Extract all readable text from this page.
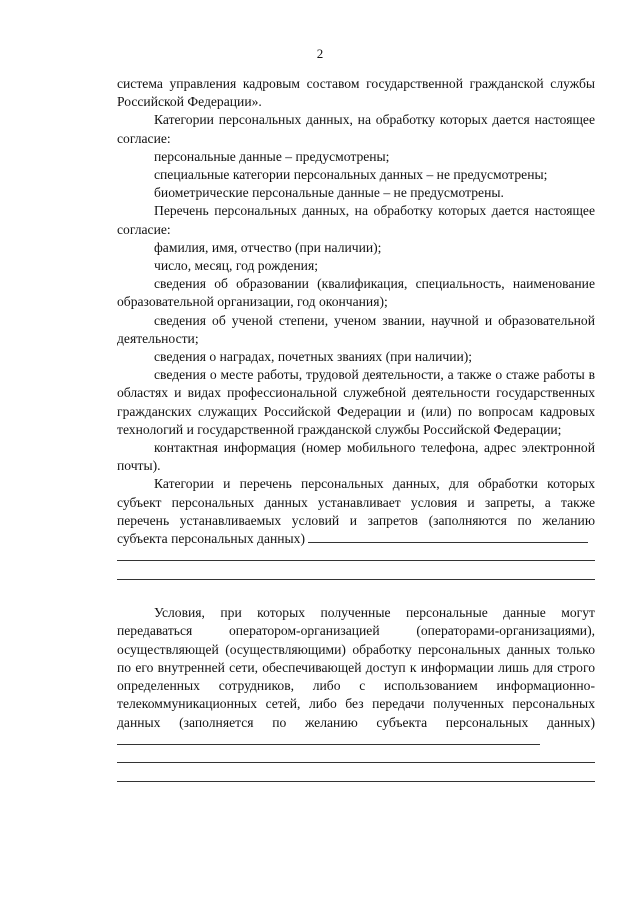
2

система управления кадровым составом государственной гражданской службы Российской Федерации».

Категории персональных данных, на обработку которых дается настоящее согласие:

персональные данные – предусмотрены;

специальные категории персональных данных – не предусмотрены;

биометрические персональные данные – не предусмотрены.

Перечень персональных данных, на обработку которых дается настоящее согласие:

фамилия, имя, отчество (при наличии);

число, месяц, год рождения;

сведения об образовании (квалификация, специальность, наименование образовательной организации, год окончания);

сведения об ученой степени, ученом звании, научной и образовательной деятельности;

сведения о наградах, почетных званиях (при наличии);

сведения о месте работы, трудовой деятельности, а также о стаже работы в областях и видах профессиональной служебной деятельности государственных гражданских служащих Российской Федерации и (или) по вопросам кадровых технологий и государственной гражданской службы Российской Федерации;

контактная информация (номер мобильного телефона, адрес электронной почты).

Категории и перечень персональных данных, для обработки которых субъект персональных данных устанавливает условия и запреты, а также перечень устанавливаемых условий и запретов (заполняются по желанию субъекта персональных данных)

Условия, при которых полученные персональные данные могут передаваться оператором-организацией (операторами-организациями), осуществляющей (осуществляющими) обработку персональных данных только по его внутренней сети, обеспечивающей доступ к информации лишь для строго определенных сотрудников, либо с использованием информационно-телекоммуникационных сетей, либо без передачи полученных персональных данных (заполняется по желанию субъекта персональных данных)
